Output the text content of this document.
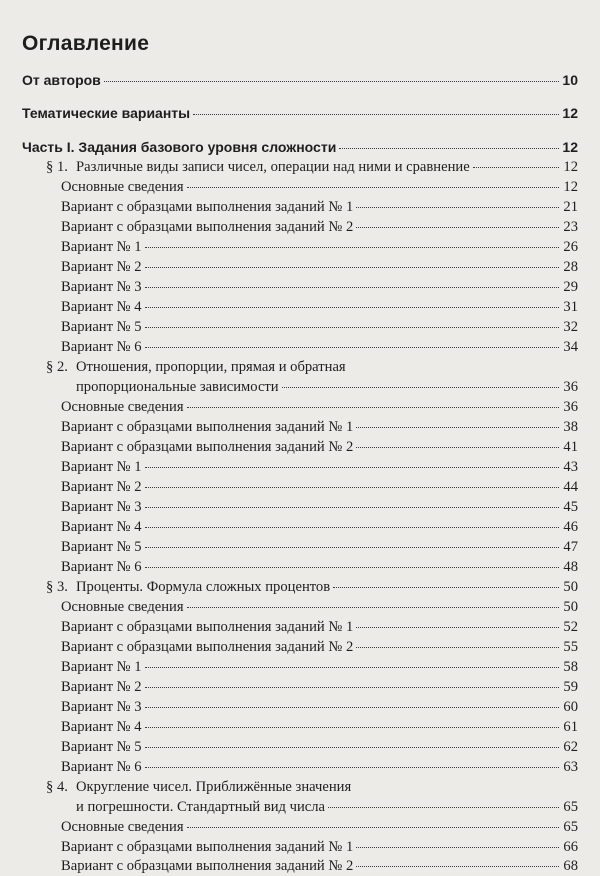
Оглавление
От авторов	10
Тематические варианты	12
Часть I. Задания базового уровня сложности	12
§ 1. Различные виды записи чисел, операции над ними и сравнение	12
Основные сведения	12
Вариант с образцами выполнения заданий № 1	21
Вариант с образцами выполнения заданий № 2	23
Вариант № 1	26
Вариант № 2	28
Вариант № 3	29
Вариант № 4	31
Вариант № 5	32
Вариант № 6	34
§ 2. Отношения, пропорции, прямая и обратная
пропорциональные зависимости	36
Основные сведения	36
Вариант с образцами выполнения заданий № 1	38
Вариант с образцами выполнения заданий № 2	41
Вариант № 1	43
Вариант № 2	44
Вариант № 3	45
Вариант № 4	46
Вариант № 5	47
Вариант № 6	48
§ 3. Проценты. Формула сложных процентов	50
Основные сведения	50
Вариант с образцами выполнения заданий № 1	52
Вариант с образцами выполнения заданий № 2	55
Вариант № 1	58
Вариант № 2	59
Вариант № 3	60
Вариант № 4	61
Вариант № 5	62
Вариант № 6	63
§ 4. Округление чисел. Приближённые значения
и погрешности. Стандартный вид числа	65
Основные сведения	65
Вариант с образцами выполнения заданий № 1	66
Вариант с образцами выполнения заданий № 2	68
